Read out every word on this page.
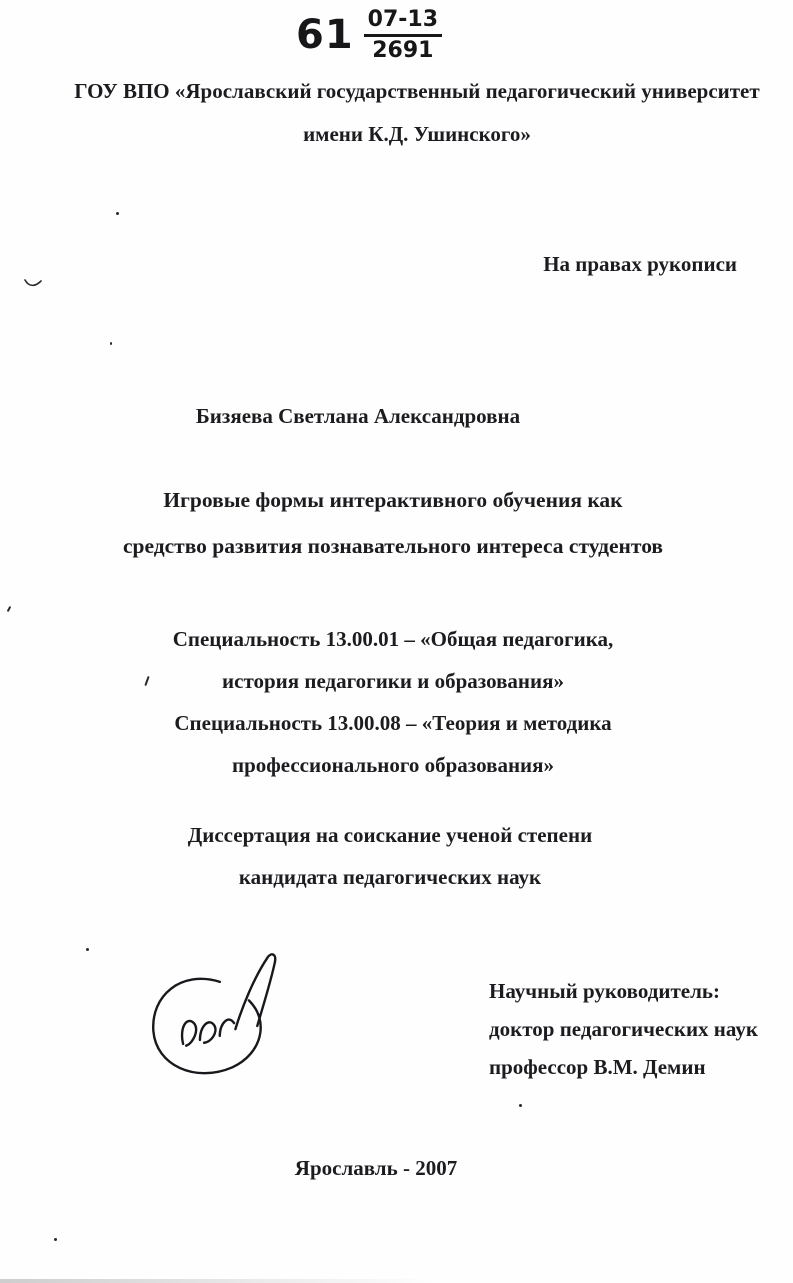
$61 \frac{07-13}{2691}$
ГОУ ВПО «Ярославский государственный педагогический университет
имени К.Д. Ушинского»
На правах рукописи
Бизяева Светлана Александровна
Игровые формы интерактивного обучения как
средство развития познавательного интереса студентов
Специальность 13.00.01 – «Общая педагогика,
история педагогики и образования»
Специальность 13.00.08 – «Теория и методика
профессионального образования»
Диссертация на соискание ученой степени
кандидата педагогических наук
Научный руководитель:
доктор педагогических наук
профессор В.М. Демин
Ярославль - 2007
